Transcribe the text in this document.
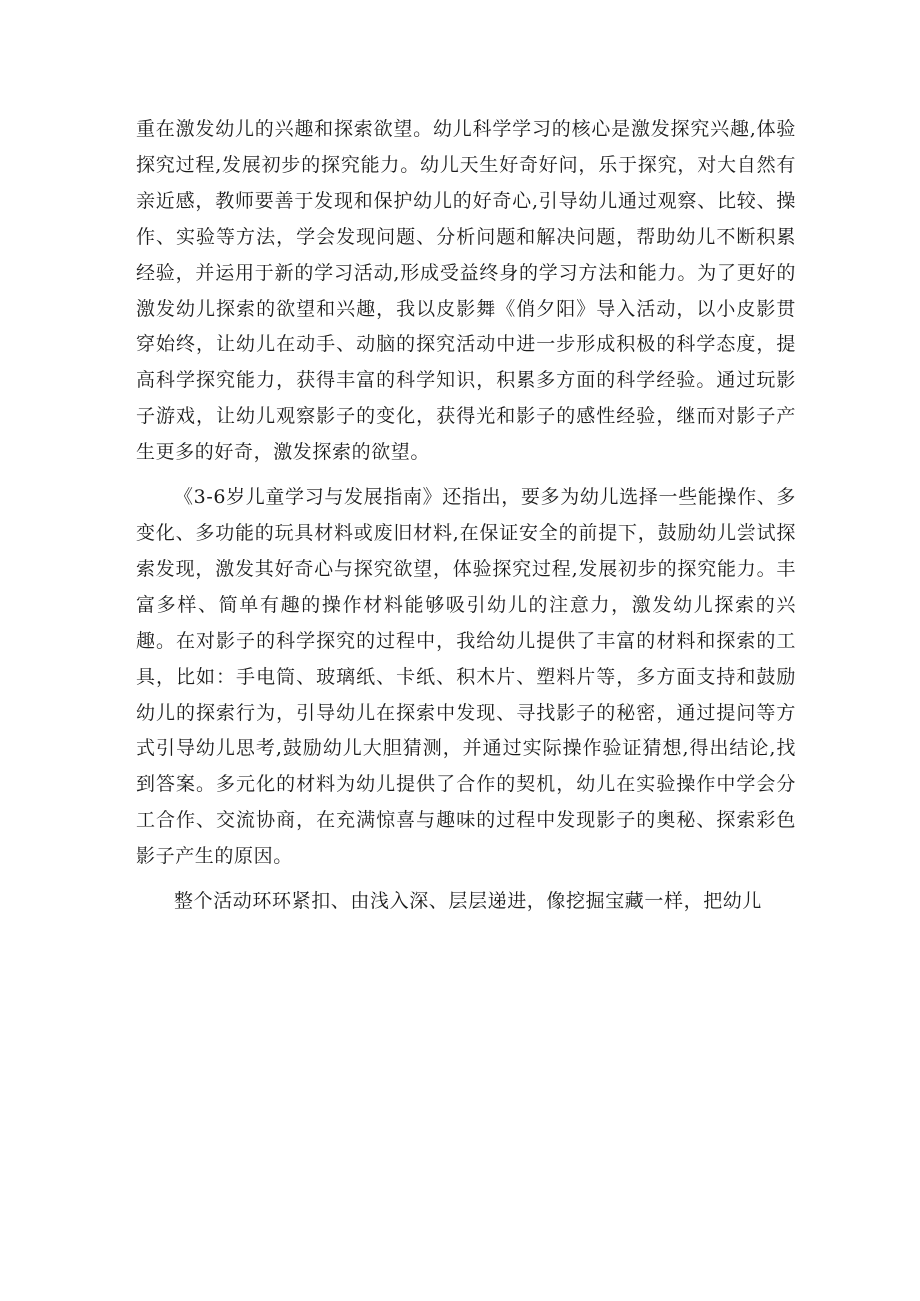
重在激发幼儿的兴趣和探索欲望。幼儿科学学习的核心是激发探究兴趣,体验探究过程,发展初步的探究能力。幼儿天生好奇好问，乐于探究，对大自然有亲近感，教师要善于发现和保护幼儿的好奇心,引导幼儿通过观察、比较、操作、实验等方法，学会发现问题、分析问题和解决问题，帮助幼儿不断积累经验，并运用于新的学习活动,形成受益终身的学习方法和能力。为了更好的激发幼儿探索的欲望和兴趣，我以皮影舞《俏夕阳》导入活动，以小皮影贯穿始终，让幼儿在动手、动脑的探究活动中进一步形成积极的科学态度，提高科学探究能力，获得丰富的科学知识，积累多方面的科学经验。通过玩影子游戏，让幼儿观察影子的变化，获得光和影子的感性经验，继而对影子产生更多的好奇，激发探索的欲望。

《3-6岁儿童学习与发展指南》还指出，要多为幼儿选择一些能操作、多变化、多功能的玩具材料或废旧材料,在保证安全的前提下，鼓励幼儿尝试探索发现，激发其好奇心与探究欲望，体验探究过程,发展初步的探究能力。丰富多样、简单有趣的操作材料能够吸引幼儿的注意力，激发幼儿探索的兴趣。在对影子的科学探究的过程中，我给幼儿提供了丰富的材料和探索的工具，比如：手电筒、玻璃纸、卡纸、积木片、塑料片等，多方面支持和鼓励幼儿的探索行为，引导幼儿在探索中发现、寻找影子的秘密，通过提问等方式引导幼儿思考,鼓励幼儿大胆猜测，并通过实际操作验证猜想,得出结论,找到答案。多元化的材料为幼儿提供了合作的契机，幼儿在实验操作中学会分工合作、交流协商，在充满惊喜与趣味的过程中发现影子的奥秘、探索彩色影子产生的原因。

整个活动环环紧扣、由浅入深、层层递进，像挖掘宝藏一样，把幼儿
